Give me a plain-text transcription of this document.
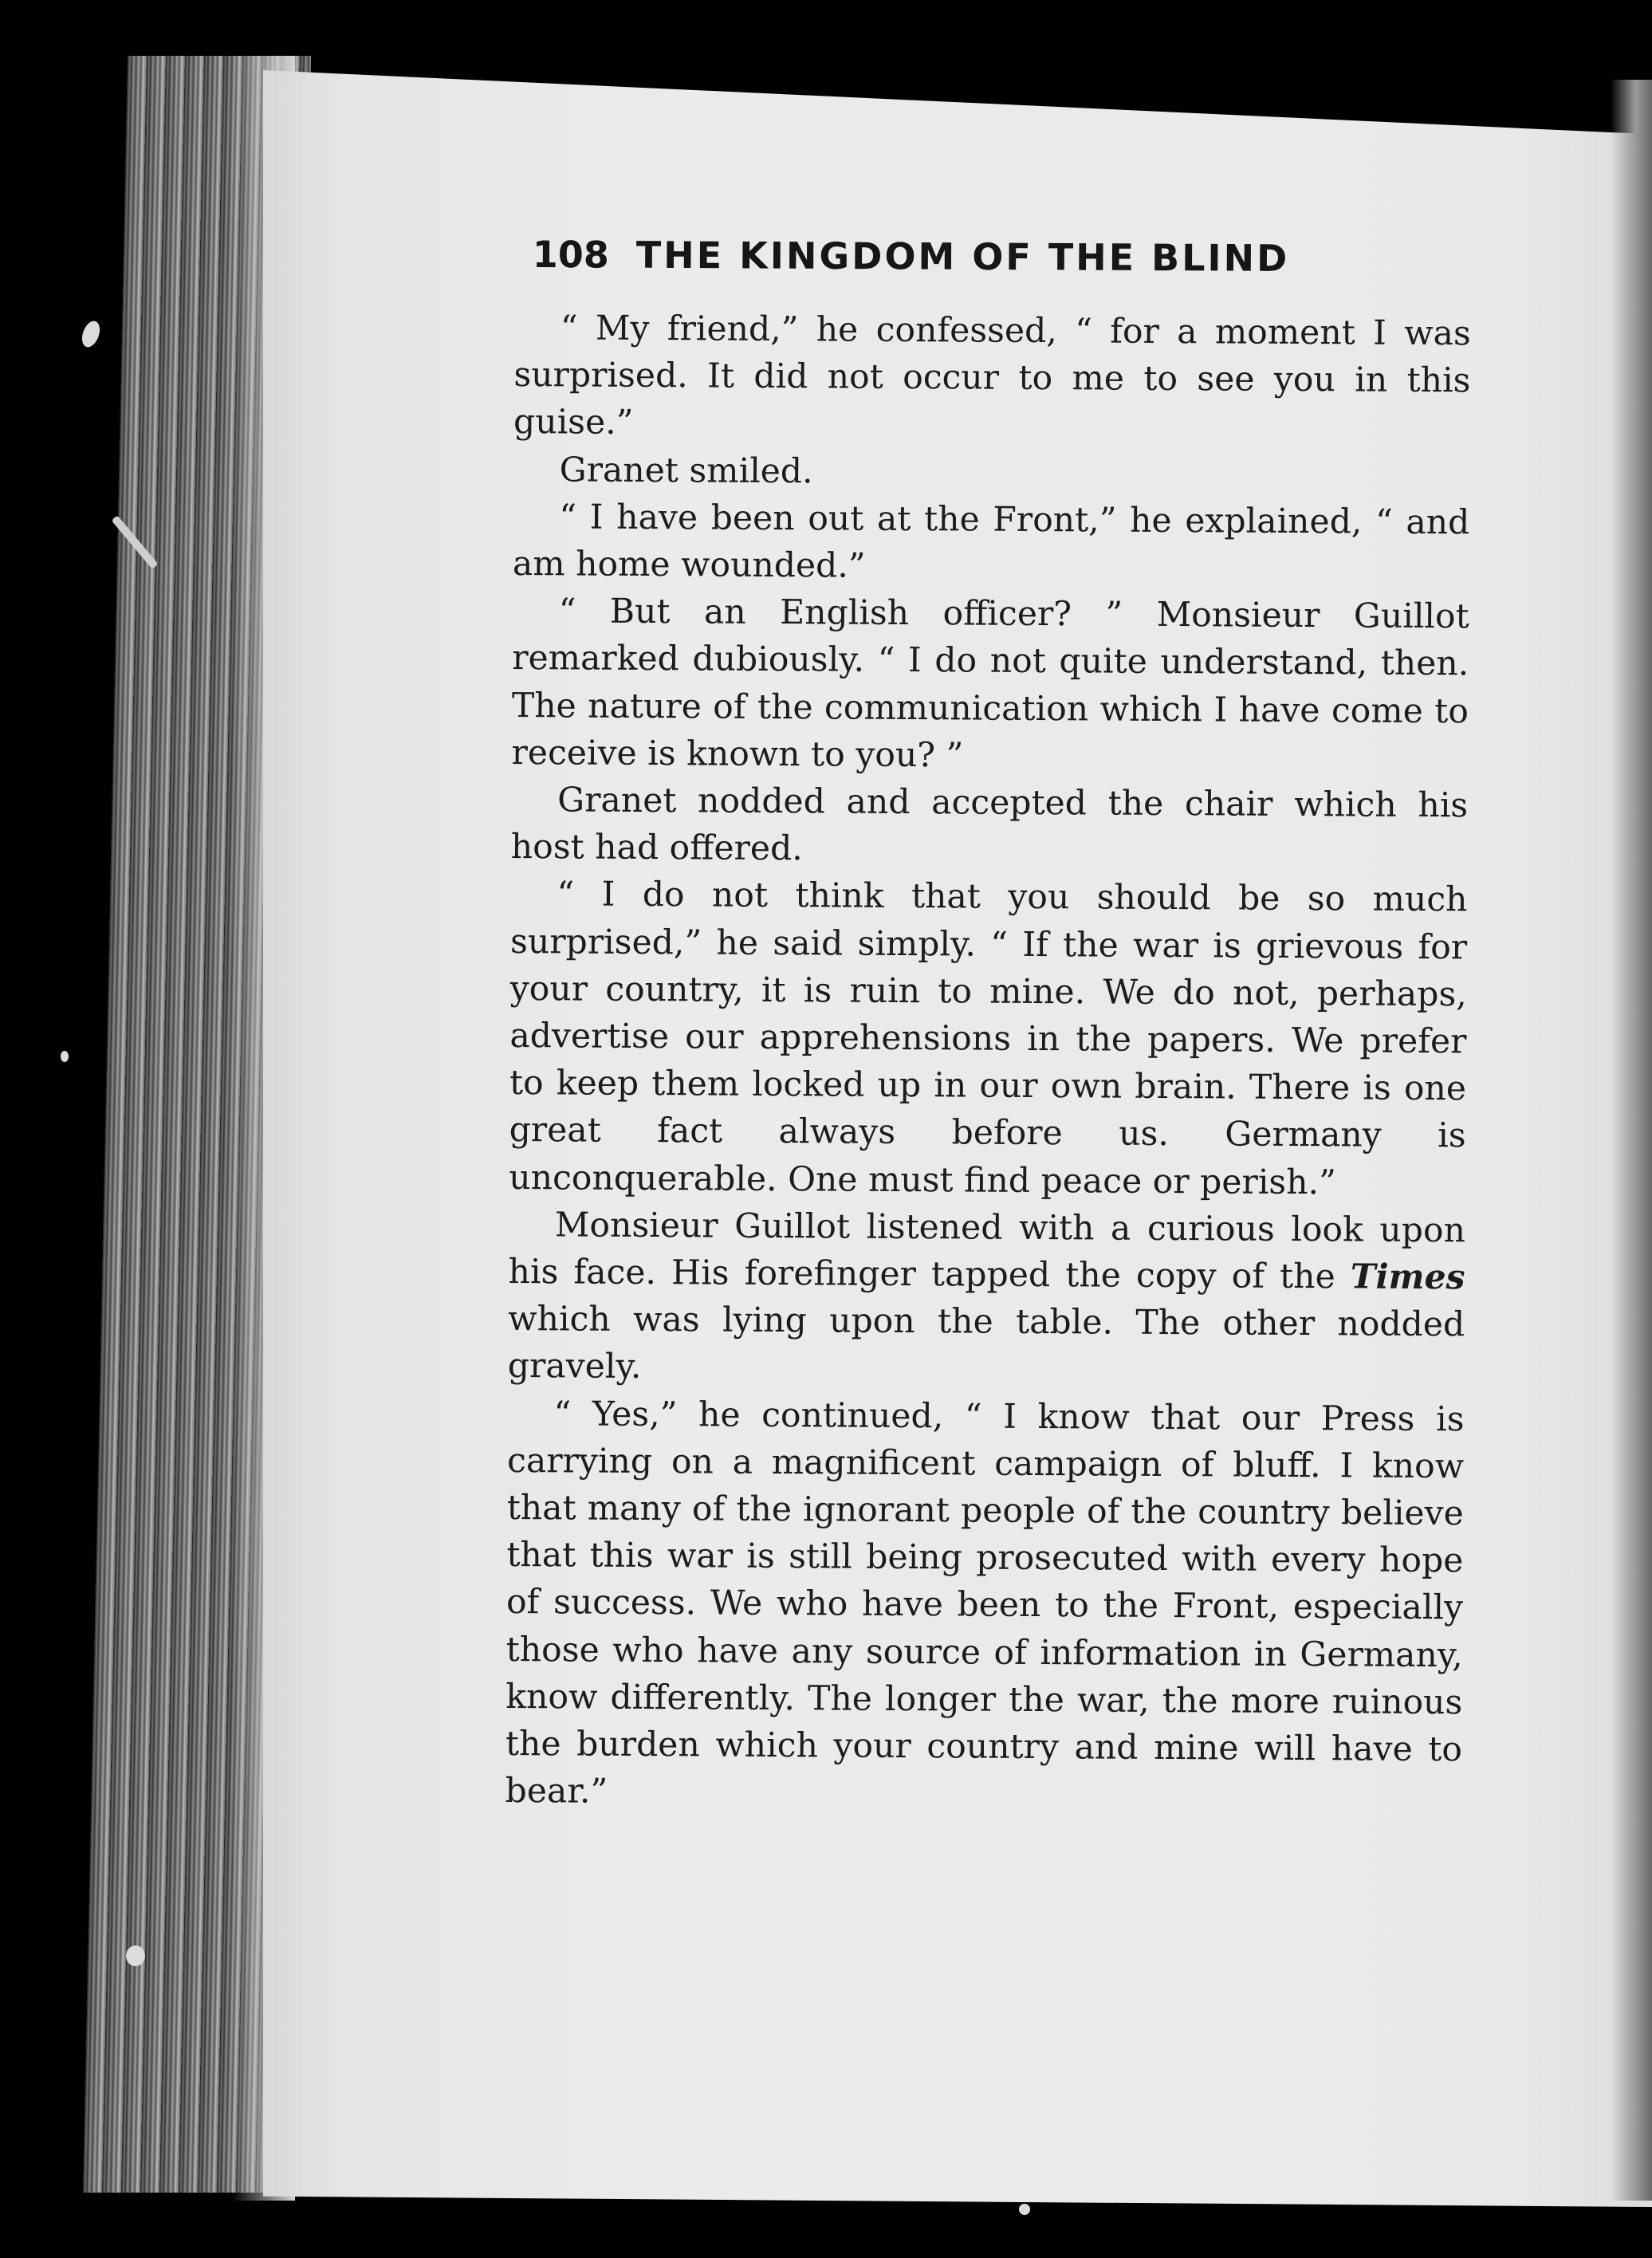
108 THE KINGDOM OF THE BLIND

“ My friend,” he confessed, “ for a moment I was surprised. It did not occur to me to see you in this guise.”

Granet smiled.

“ I have been out at the Front,” he explained, “ and am home wounded.”

“ But an English officer? ” Monsieur Guillot remarked dubiously. “ I do not quite understand, then. The nature of the communication which I have come to receive is known to you? ”

Granet nodded and accepted the chair which his host had offered.

“ I do not think that you should be so much surprised,” he said simply. “ If the war is grievous for your country, it is ruin to mine. We do not, perhaps, advertise our apprehensions in the papers. We prefer to keep them locked up in our own brain. There is one great fact always before us. Germany is unconquerable. One must find peace or perish.”

Monsieur Guillot listened with a curious look upon his face. His forefinger tapped the copy of the Times which was lying upon the table. The other nodded gravely.

“ Yes,” he continued, “ I know that our Press is carrying on a magnificent campaign of bluff. I know that many of the ignorant people of the country believe that this war is still being prosecuted with every hope of success. We who have been to the Front, especially those who have any source of information in Germany, know differently. The longer the war, the more ruinous the burden which your country and mine will have to bear.”
